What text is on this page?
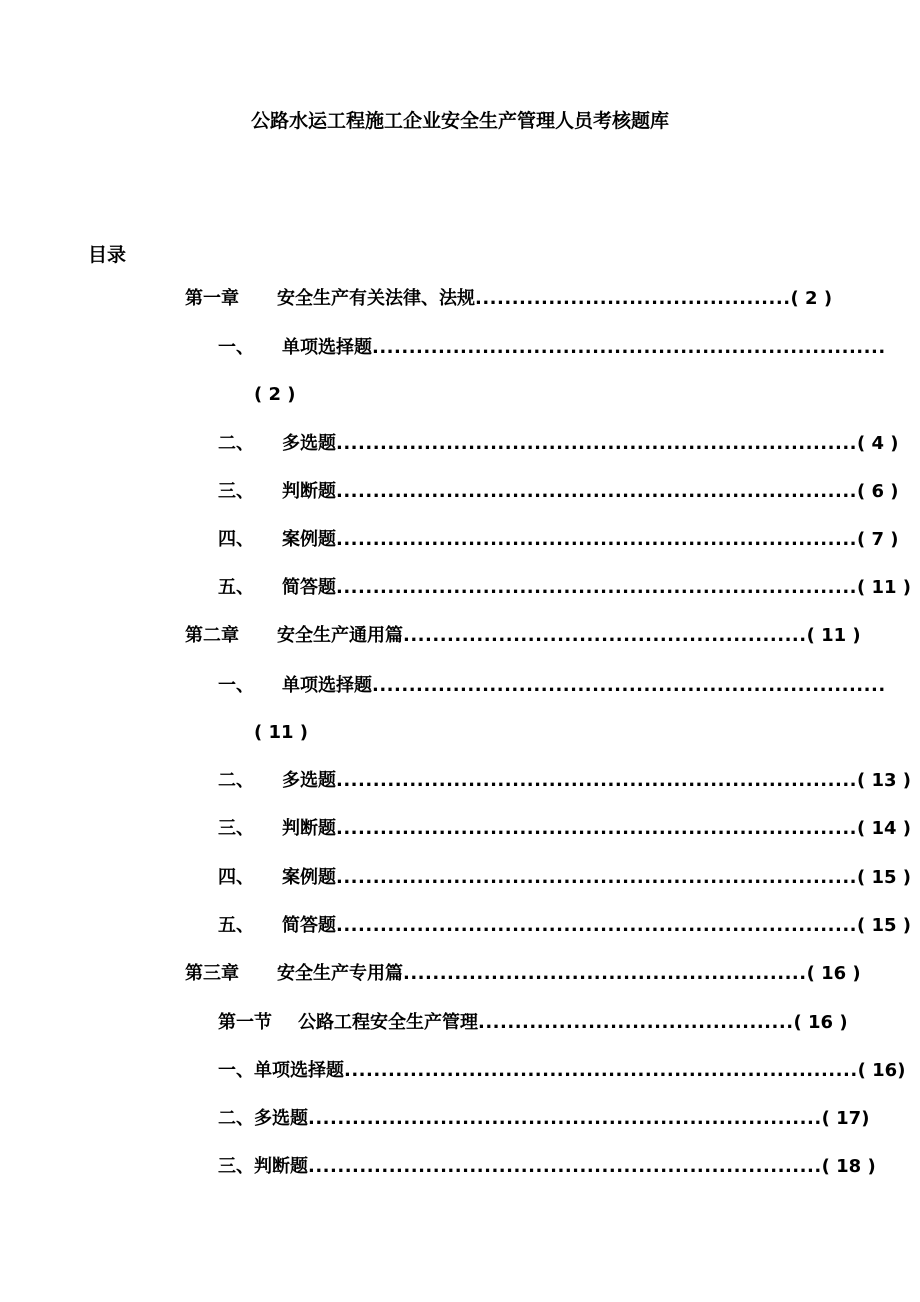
公路水运工程施工企业安全生产管理人员考核题库
目录
第一章 安全生产有关法律、法规...........................................( 2 )
一、 单项选择题......................................................................
( 2 )
二、 多选题.......................................................................( 4 )
三、 判断题.......................................................................( 6 )
四、 案例题.......................................................................( 7 )
五、 简答题.......................................................................( 11 )
第二章 安全生产通用篇.......................................................( 11 )
一、 单项选择题......................................................................
( 11 )
二、 多选题.......................................................................( 13 )
三、 判断题.......................................................................( 14 )
四、 案例题.......................................................................( 15 )
五、 简答题.......................................................................( 15 )
第三章 安全生产专用篇.......................................................( 16 )
第一节 公路工程安全生产管理...........................................( 16 )
一、单项选择题......................................................................( 16)
二、多选题......................................................................( 17)
三、判断题......................................................................( 18 )
